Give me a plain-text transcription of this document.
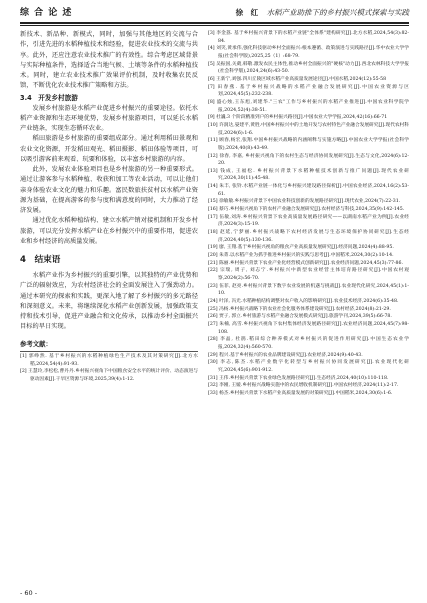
综 合 论 述	徐　红 水稻产业助推下的乡村振兴模式探索与实践

新技术、新品种、新模式，同时，加强与其他地区的交流与合作，引进先进的水稻种植技术和经验，促进农业技术的交流与共享。此外，还应注意农业技术推广的有效性。综合考虑区域背景与实际种植条件，选择适合当地气候、土壤等条件的水稻种植技术。同时，建立农业技术推广效果评价机制，及时收集农民反馈，不断优化农业技术推广策略和方法。

3.4　开发乡村旅游

发展乡村旅游是水稻产业促进乡村振兴的重要途径。依托水稻产业资源和生态环境优势，发展乡村旅游项目，可以延长水稻产业链条，实现生态循环农业。

稻田旅游是乡村旅游的重要组成部分。通过利用稻田景观和农业文化资源，开发稻田观光、稻田摄影、稻田体验等项目，可以吸引游客前来观看、玩要和体验，以丰富乡村旅游的内容。

此外，发展农业体验项目也是乡村旅游的另一种重要形式。通过让游客参与水稻种植、收获和加工等农业活动，可以让他们亲身体验农业文化的魅力和乐趣。富民数旅扶贫村以水稻产业资源为基础，在提高游客的参与度和满意度的同时，大力推动了经济发展。

通过优化水稻种植结构、建立水稻产销对接机制和开发乡村旅游，可以充分发挥水稻产业在乡村振兴中的重要作用，促进农业和乡村经济的高质量发展。

4　结束语

水稻产业作为乡村振兴的重要引擎，以其独特的产业优势和广泛的辐射效应，为农村经济社会的全面发展注入了强劲动力。通过本研究的探索和实践，更深入地了解了乡村振兴的多元路径和深刻意义。未来，将继续深化水稻产业创新发展，加强政策支持和技术引导，促进产业融合和文化传承，以推动乡村全面振兴目标的早日实现。

参考文献：

[1] 郭峥然. 基于乡村振兴的水稻种植绿色生产技术及其对策研究[J].北方水稻,2024,54(4):91-93.

[2] 王慧玲,李松松,曹丹丹.乡村振兴视角下中国粮食安全水平的统计评价、动态演进与驱动因素[J].干旱区资源与环境,2025,39(4):1-12.

[3] 李金荔. 基于乡村振兴背景下的水稻产业链"全体系"建构研究[J].北方水稻,2024,54(3):82-84.

[4] 刘笑,黄承伟,强化科技驱动乡村全面振兴:根本遵循、政策演进与实践路径[J].华中农业大学学报(社会科学版),2025,25（1）:68-79.

[5] 吴振国,关葳,韩敬.激发农民主体性,推动乡村全面振兴的"硬核"动力[J].西北农林科技大学学报(社会科学版),2024,24(6):43-50.

[6] 王新宁,刘强.四川丘陵区域水稻产业高质量发展途径[J].中国水稻,2024(12):55-58

[7] 田春燕. 基于乡村振兴战略的水稻产业融合发展研究[J].中国农业资源与区划,2024,45(5):232-238.

[8] 盛心烛,王东旭,刘建华."三农"工作与乡村振兴的水稻产业推进[J].中国农业科学院学报,2024,52(4):38-51.

[9] 杜巍.3 个阶段精准到户的乡村振兴路径[J].中国农业大学学报,2024,42(16):66-71

[10] 许润达,晏建平,黄胜.中国乡村振兴中的土地开发与农村特色产业融合发展研究[J].现代农村科技,2024(6):1-6.

[11] 顾春,杨宏,张翔.中国乡村振兴战略的内涵阐释与实施方略[J].中国农业大学学报(社会科学版),2024,40(8):43-49.

[12] 徐春, 李嘉, 乡村振兴视角下的农村生态与经济协同发展研究[J].生态与文化,2024(6):12-20.

[13] 钱成, 王福松. 乡村振兴背景下水稻种植技术创新与推广问题[J].现代农业研究,2024,30(11):45-48.

[14] 朱丰, 张铃.水稻产业链一体化与乡村振兴建设路径探析[J].中国农业经济,2024,16(2):53-61.

[15] 徐敏敏.乡村振兴背景下中国农业科技创新的发展路径研究[J].现代农业,2024(7):22-31.

[16] 蔡巧.乡村振兴视角下的农村产业融合发展研究[J].农村经济与科技,2024,35(9):142-145.

[17] 伍敏,刘涛.乡村振兴背景下农业高质量发展路径研究——以湖南水稻产业为例[J].农业经济,2024(3):15-19.

[18] 赵延,宁梦丽.乡村振兴战略下农村经济发展与生态环境保护协同研究[J].生态经济,2024,40(5):130-136.

[19] 廖, 王翔.基于乡村振兴视角的粮食产业高质量发展研究[J].经济问题,2024(4):88-95.

[20] 朱菁.以水稻产业为抓手推进乡村振兴的实践与思考[J].中国稻米,2024,30(2):10-14.

[21] 陈丽.乡村振兴背景下农业产业化经营模式创新研究[J].农业经济问题,2024,45(3):77-86.

[22] 宗瑞, 周子, 刘志宁.乡村振兴中新型农业经营主体培育路径研究[J].中国农村观察,2024(2):56-70.

[23] 伍菲, 赵亮.乡村振兴背景下数字农业发展的机遇与挑战[J].农业现代化研究,2024,45(1):1-10.

[24] 叶泽, 冯光.水稻种植结构调整对农户收入的影响研究[J].农业技术经济,2024(6):35-48.

[25] 冯杨.乡村振兴战略下的农业社会化服务体系建设研究[J].农村经济,2024(8):21-29.

[26] 贾子, 郭立.乡村旅游与水稻产业融合发展模式研究[J].旅游学刊,2024,39(5):66-78.

[27] 朱楠, 高雪.乡村振兴视角下农村集体经济发展路径研究[J].农业经济问题,2024,45(7):98-108.

[28] 李晶, 杜鹃.稻田综合种养模式对乡村振兴的促进作用研究[J].中国生态农业学报,2024,32(4):560-570.

[29] 程兴.基于乡村振兴的农业品牌建设研究[J].农业经济,2024(9):40-43.

[30] 李志,陈杰.水稻产业数字化转型与乡村振兴协同发展研究[J].农业现代化研究,2024,45(6):901-912.

[31] 王伟.乡村振兴背景下农业绿色发展路径研究[J].生态经济,2024,40(10):110-118.

[32] 李刚, 王媛.乡村振兴战略实施中的农民增收机制研究[J].中国农村经济,2024(11):2-17.

[33] 杨杰.乡村振兴背景下水稻产业高质量发展的对策研究[J].中国稻米,2024,30(6):1-6.

- 60 -
